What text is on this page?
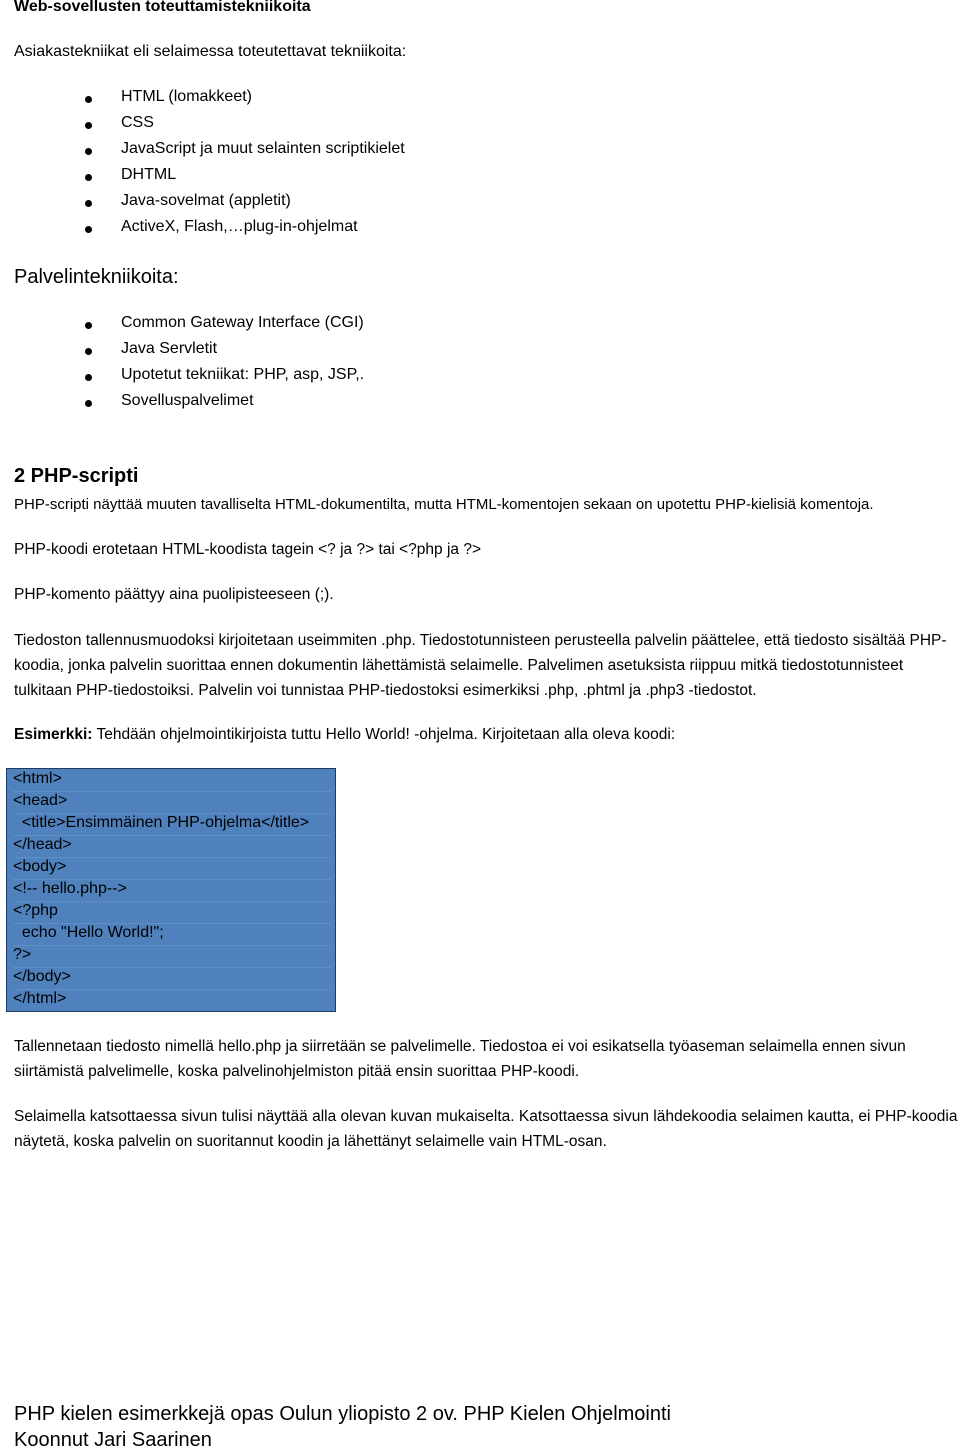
Web-sovellusten toteuttamistekniikoita
Asiakastekniikat eli selaimessa toteutettavat tekniikoita:
HTML (lomakkeet)
CSS
JavaScript ja muut selainten scriptikielet
DHTML
Java-sovelmat (appletit)
ActiveX, Flash,…plug-in-ohjelmat
Palvelintekniikoita:
Common Gateway Interface (CGI)
Java Servletit
Upotetut tekniikat: PHP, asp, JSP,.
Sovelluspalvelimet
2 PHP-scripti
PHP-scripti näyttää muuten tavalliselta HTML-dokumentilta, mutta HTML-komentojen sekaan on upotettu PHP-kielisiä komentoja.
PHP-koodi erotetaan HTML-koodista tagein <? ja ?> tai <?php ja ?>
PHP-komento päättyy aina puolipisteeseen (;).
Tiedoston tallennusmuodoksi kirjoitetaan useimmiten .php. Tiedostotunnisteen perusteella palvelin päättelee, että tiedosto sisältää PHP-koodia, jonka palvelin suorittaa ennen dokumentin lähettämistä selaimelle. Palvelimen asetuksista riippuu mitkä tiedostotunnisteet tulkitaan PHP-tiedostoiksi. Palvelin voi tunnistaa PHP-tiedostoksi esimerkiksi .php, .phtml ja .php3 -tiedostot.
Esimerkki: Tehdään ohjelmointikirjoista tuttu Hello World! -ohjelma. Kirjoitetaan alla oleva koodi:
<html>
<head>
<title>Ensimmäinen PHP-ohjelma</title>
</head>
<body>
<!-- hello.php-->
<?php
echo "Hello World!";
?>
</body>
</html>
Tallennetaan tiedosto nimellä hello.php ja siirretään se palvelimelle. Tiedostoa ei voi esikatsella työaseman selaimella ennen sivun siirtämistä palvelimelle, koska palvelinohjelmiston pitää ensin suorittaa PHP-koodi.
Selaimella katsottaessa sivun tulisi näyttää alla olevan kuvan mukaiselta. Katsottaessa sivun lähdekoodia selaimen kautta, ei PHP-koodia näytetä, koska palvelin on suoritannut koodin ja lähettänyt selaimelle vain HTML-osan.
PHP kielen esimerkkejä opas Oulun yliopisto 2 ov. PHP Kielen Ohjelmointi
Koonnut Jari Saarinen
